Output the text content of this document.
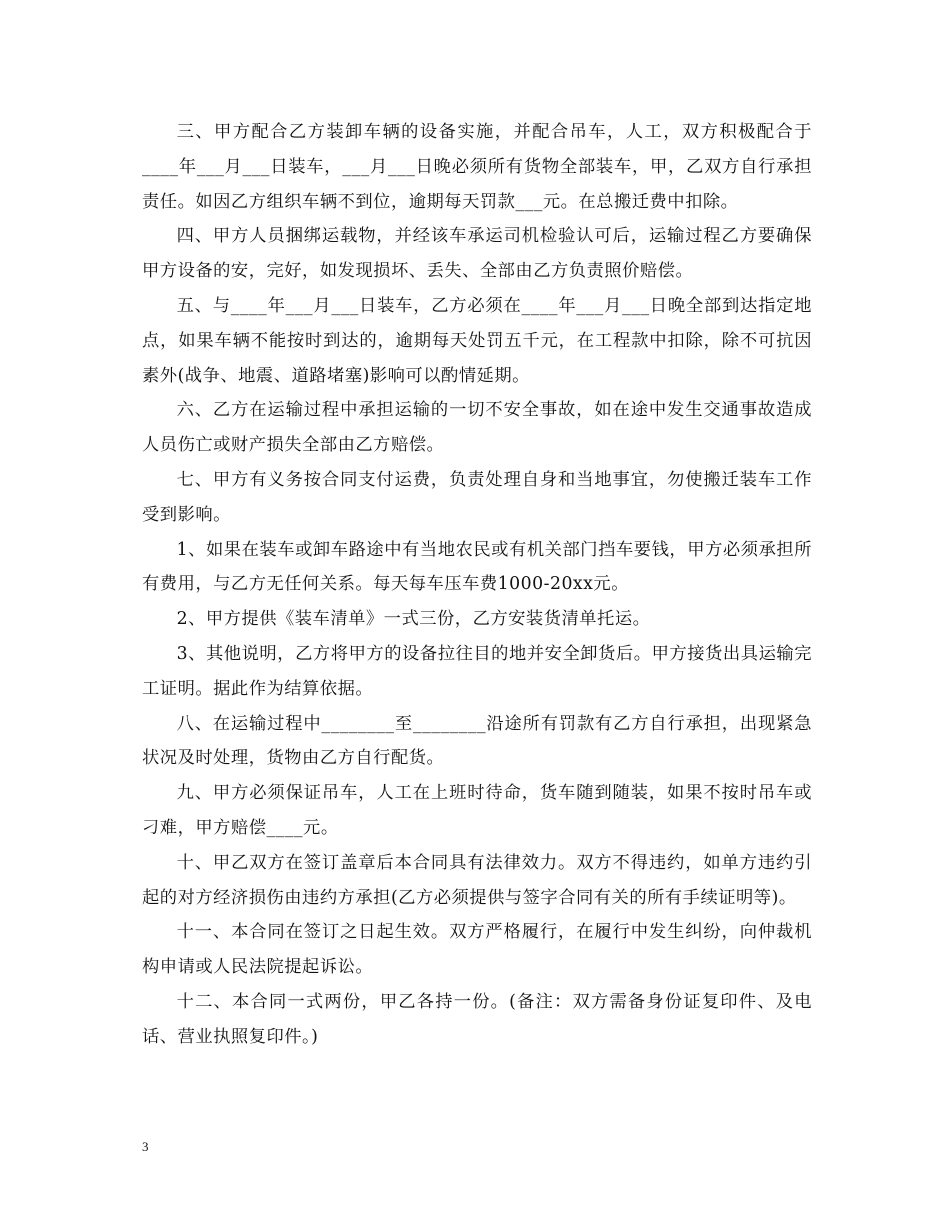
三、甲方配合乙方装卸车辆的设备实施，并配合吊车，人工，双方积极配合于____年___月___日装车，___月___日晚必须所有货物全部装车，甲，乙双方自行承担责任。如因乙方组织车辆不到位，逾期每天罚款___元。在总搬迁费中扣除。

四、甲方人员捆绑运载物，并经该车承运司机检验认可后，运输过程乙方要确保甲方设备的安，完好，如发现损坏、丢失、全部由乙方负责照价赔偿。

五、与____年___月___日装车，乙方必须在____年___月___日晚全部到达指定地点，如果车辆不能按时到达的，逾期每天处罚五千元，在工程款中扣除，除不可抗因素外(战争、地震、道路堵塞)影响可以酌情延期。

六、乙方在运输过程中承担运输的一切不安全事故，如在途中发生交通事故造成人员伤亡或财产损失全部由乙方赔偿。

七、甲方有义务按合同支付运费，负责处理自身和当地事宜，勿使搬迁装车工作受到影响。

1、如果在装车或卸车路途中有当地农民或有机关部门挡车要钱，甲方必须承担所有费用，与乙方无任何关系。每天每车压车费1000-20xx元。

2、甲方提供《装车清单》一式三份，乙方安装货清单托运。

3、其他说明，乙方将甲方的设备拉往目的地并安全卸货后。甲方接货出具运输完工证明。据此作为结算依据。

八、在运输过程中________至________沿途所有罚款有乙方自行承担，出现紧急状况及时处理，货物由乙方自行配货。

九、甲方必须保证吊车，人工在上班时待命，货车随到随装，如果不按时吊车或刁难，甲方赔偿____元。

十、甲乙双方在签订盖章后本合同具有法律效力。双方不得违约，如单方违约引起的对方经济损伤由违约方承担(乙方必须提供与签字合同有关的所有手续证明等)。

十一、本合同在签订之日起生效。双方严格履行，在履行中发生纠纷，向仲裁机构申请或人民法院提起诉讼。

十二、本合同一式两份，甲乙各持一份。(备注：双方需备身份证复印件、及电话、营业执照复印件。)

3
